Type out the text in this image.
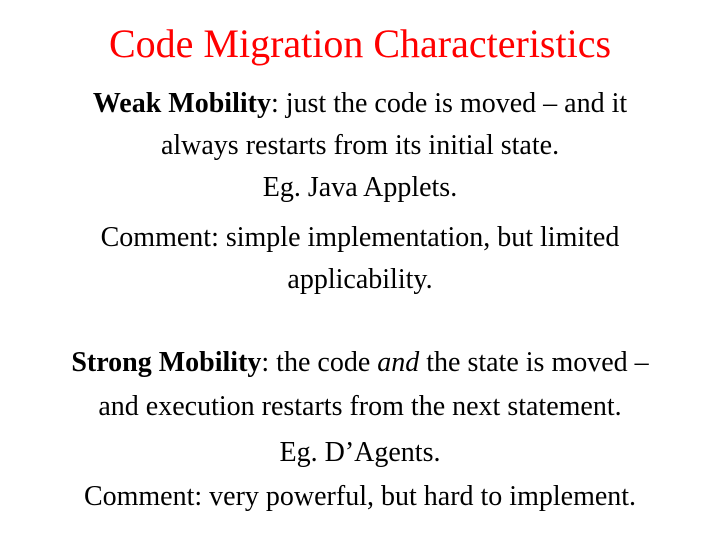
Code Migration Characteristics
Weak Mobility: just the code is moved – and it
always restarts from its initial state.
Eg. Java Applets.
Comment: simple implementation, but limited
applicability.
Strong Mobility: the code and the state is moved –
and execution restarts from the next statement.
Eg. D’Agents.
Comment: very powerful, but hard to implement.
